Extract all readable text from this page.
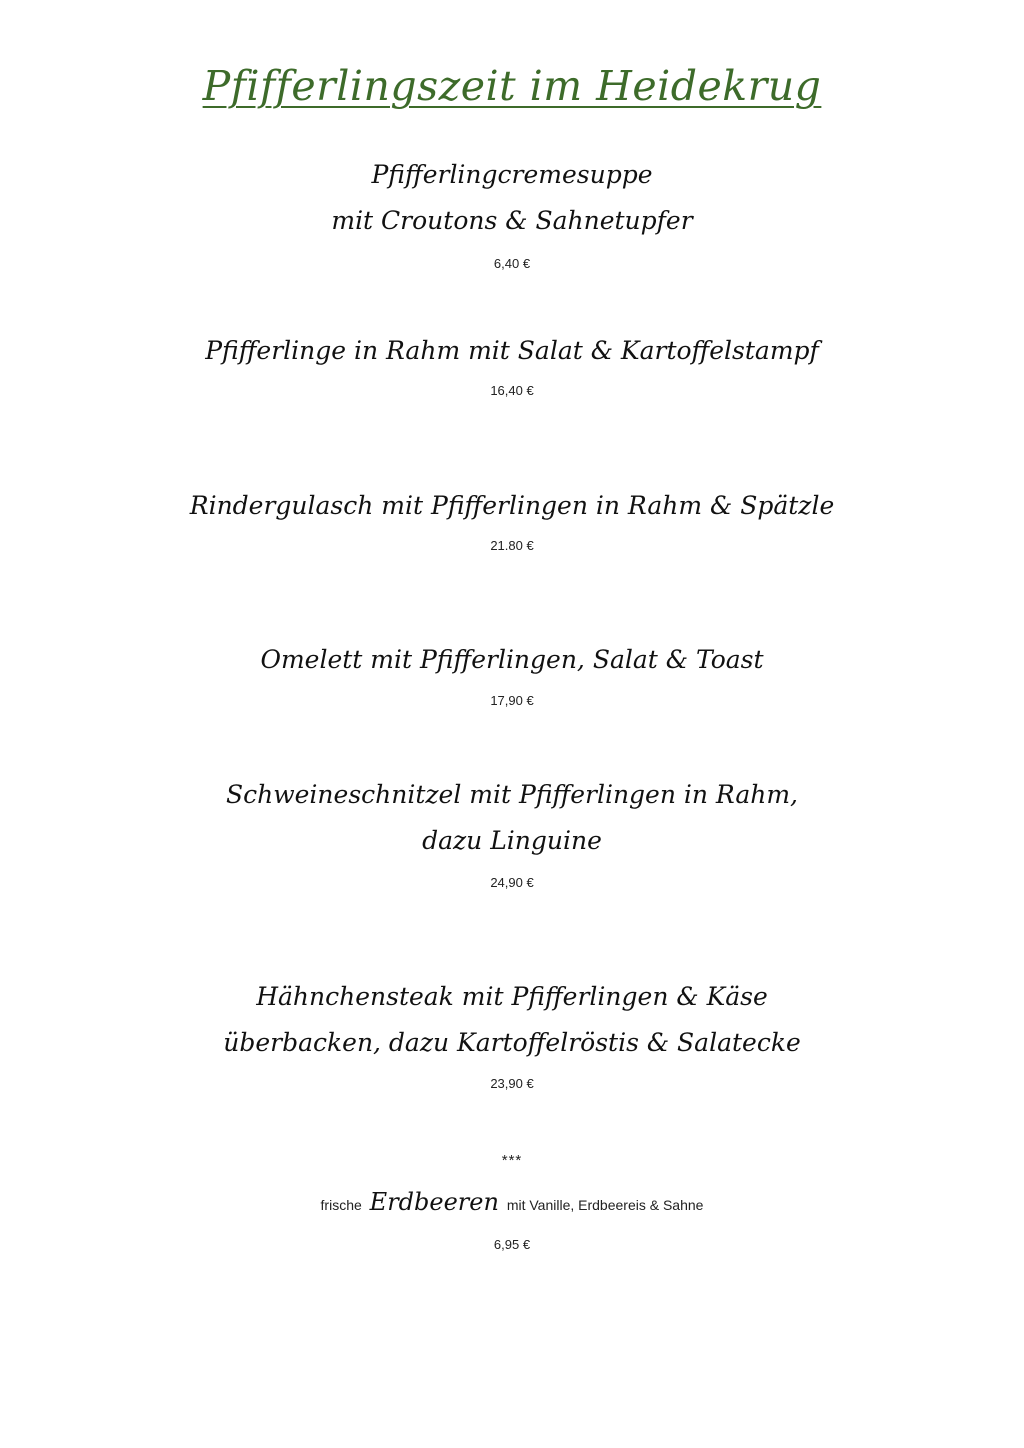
Pfifferlingszeit im Heidekrug
Pfifferlingcremesuppe
mit Croutons & Sahnetupfer
6,40 €
Pfifferlinge in Rahm mit Salat & Kartoffelstampf
16,40 €
Rindergulasch mit Pfifferlingen in Rahm & Spätzle
21.80 €
Omelett mit Pfifferlingen, Salat & Toast
17,90 €
Schweineschnitzel mit Pfifferlingen in Rahm,
dazu Linguine
24,90 €
Hähnchensteak mit Pfifferlingen & Käse
überbacken, dazu Kartoffelröstis & Salatecke
23,90 €
***
frische Erdbeeren mit Vanille, Erdbeereis & Sahne
6,95 €
